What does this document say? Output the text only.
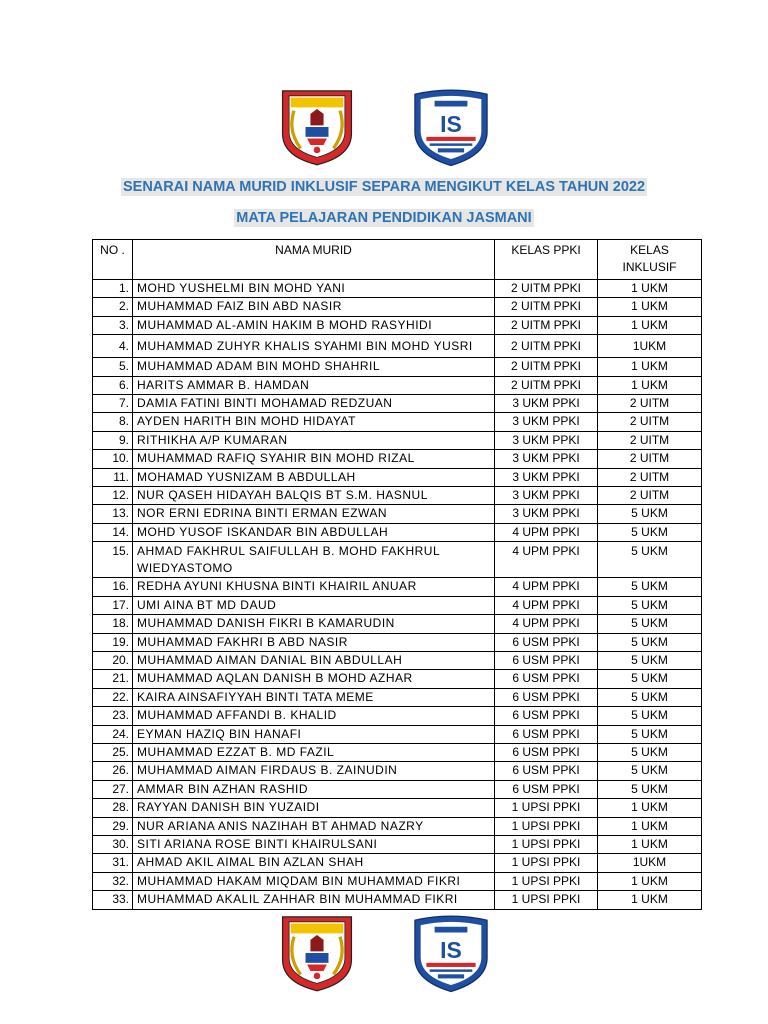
IS
SENARAI NAMA MURID INKLUSIF SEPARA MENGIKUT KELAS TAHUN 2022
MATA PELAJARAN PENDIDIKAN JASMANI
NO .	NAMA MURID	KELAS PPKI	KELAS INKLUSIF
1.	MOHD YUSHELMI BIN MOHD YANI	2 UITM PPKI	1 UKM
2.	MUHAMMAD FAIZ BIN ABD NASIR	2 UITM PPKI	1 UKM
3.	MUHAMMAD AL-AMIN HAKIM B MOHD RASYHIDI	2 UITM PPKI	1 UKM
4.	MUHAMMAD ZUHYR KHALIS SYAHMI BIN MOHD YUSRI	2 UITM PPKI	1UKM
5.	MUHAMMAD ADAM BIN MOHD SHAHRIL	2 UITM PPKI	1 UKM
6.	HARITS AMMAR B. HAMDAN	2 UITM PPKI	1 UKM
7.	DAMIA FATINI BINTI MOHAMAD REDZUAN	3 UKM PPKI	2 UITM
8.	AYDEN HARITH BIN MOHD HIDAYAT	3 UKM PPKI	2 UITM
9.	RITHIKHA A/P KUMARAN	3 UKM PPKI	2 UITM
10.	MUHAMMAD RAFIQ SYAHIR BIN MOHD RIZAL	3 UKM PPKI	2 UITM
11.	MOHAMAD YUSNIZAM B ABDULLAH	3 UKM PPKI	2 UITM
12.	NUR QASEH HIDAYAH BALQIS BT S.M. HASNUL	3 UKM PPKI	2 UITM
13.	NOR ERNI EDRINA BINTI ERMAN EZWAN	3 UKM PPKI	5 UKM
14.	MOHD YUSOF ISKANDAR BIN ABDULLAH	4 UPM PPKI	5 UKM
15.	AHMAD FAKHRUL SAIFULLAH B. MOHD FAKHRUL WIEDYASTOMO	4 UPM PPKI	5 UKM
16.	REDHA AYUNI KHUSNA BINTI KHAIRIL ANUAR	4 UPM PPKI	5 UKM
17.	UMI AINA BT MD DAUD	4 UPM PPKI	5 UKM
18.	MUHAMMAD DANISH FIKRI B KAMARUDIN	4 UPM PPKI	5 UKM
19.	MUHAMMAD FAKHRI B ABD NASIR	6 USM PPKI	5 UKM
20.	MUHAMMAD AIMAN DANIAL BIN ABDULLAH	6 USM PPKI	5 UKM
21.	MUHAMMAD AQLAN DANISH B MOHD AZHAR	6 USM PPKI	5 UKM
22.	KAIRA AINSAFIYYAH BINTI TATA MEME	6 USM PPKI	5 UKM
23.	MUHAMMAD AFFANDI B. KHALID	6 USM PPKI	5 UKM
24.	EYMAN HAZIQ BIN HANAFI	6 USM PPKI	5 UKM
25.	MUHAMMAD EZZAT B. MD FAZIL	6 USM PPKI	5 UKM
26.	MUHAMMAD AIMAN FIRDAUS B. ZAINUDIN	6 USM PPKI	5 UKM
27.	AMMAR BIN AZHAN RASHID	6 USM PPKI	5 UKM
28.	RAYYAN DANISH BIN YUZAIDI	1 UPSI PPKI	1 UKM
29.	NUR ARIANA ANIS NAZIHAH BT AHMAD NAZRY	1 UPSI PPKI	1 UKM
30.	SITI ARIANA ROSE BINTI KHAIRULSANI	1 UPSI PPKI	1 UKM
31.	AHMAD AKIL AIMAL BIN AZLAN SHAH	1 UPSI PPKI	1UKM
32.	MUHAMMAD HAKAM MIQDAM BIN MUHAMMAD FIKRI	1 UPSI PPKI	1 UKM
33.	MUHAMMAD AKALIL ZAHHAR BIN MUHAMMAD FIKRI	1 UPSI PPKI	1 UKM
IS
